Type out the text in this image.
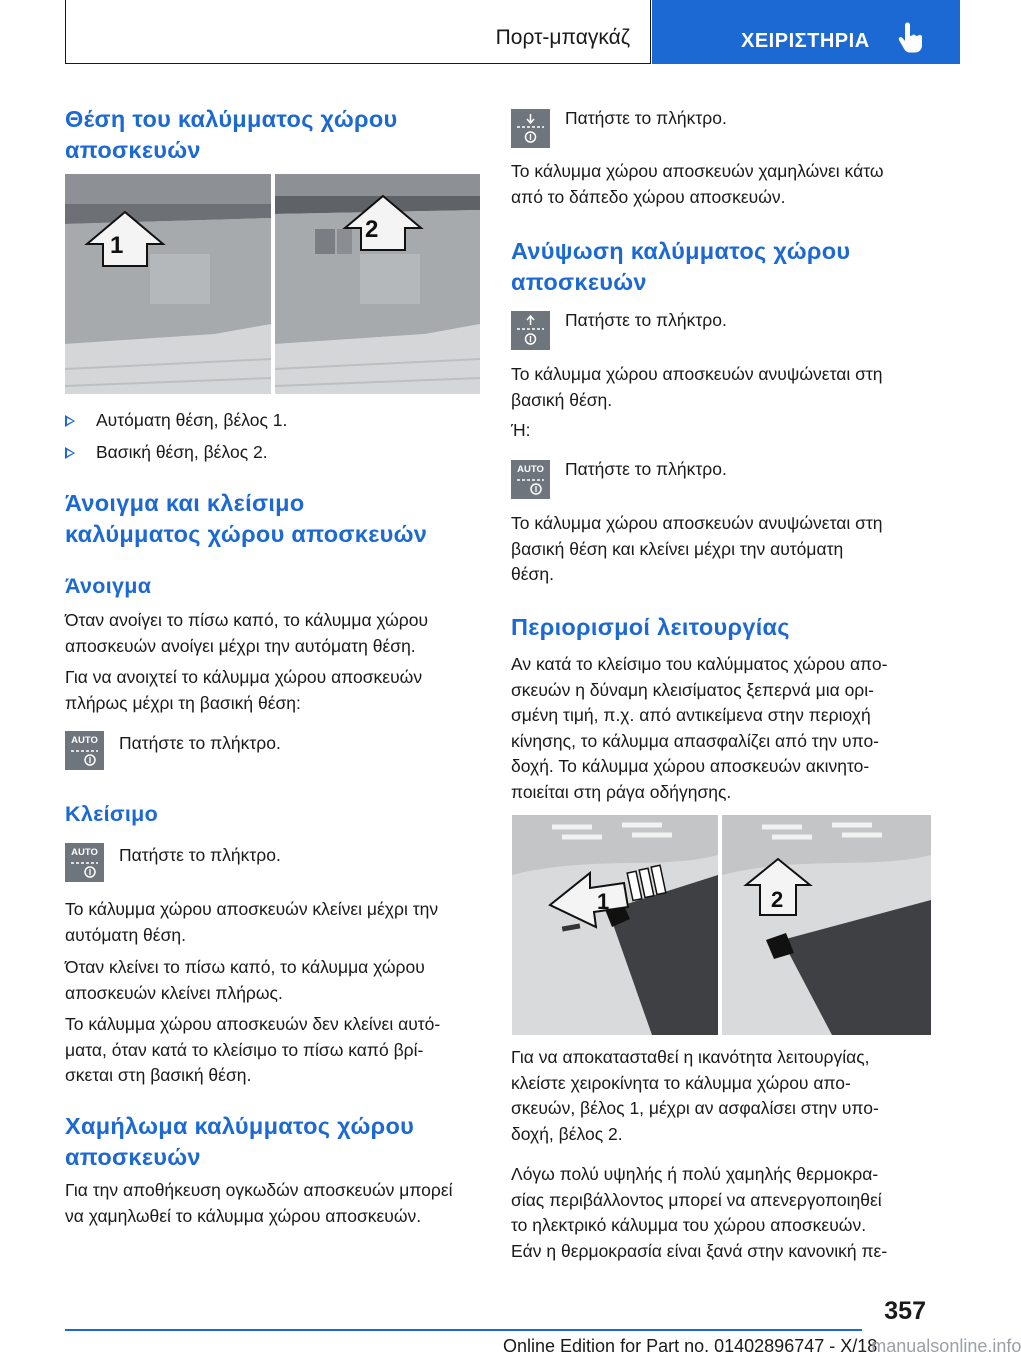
Πορτ-μπαγκάζ	ΧΕΙΡΙΣΤΗΡΙΑ
Θέση του καλύμματος χώρου
αποσκευών
1
2
Αυτόματη θέση, βέλος 1.
Βασική θέση, βέλος 2.
Άνοιγμα και κλείσιμο
καλύμματος χώρου αποσκευών
Άνοιγμα
Όταν ανοίγει το πίσω καπό, το κάλυμμα χώρου
αποσκευών ανοίγει μέχρι την αυτόματη θέση.
Για να ανοιχτεί το κάλυμμα χώρου αποσκευών
πλήρως μέχρι τη βασική θέση:
AUTO Πατήστε το πλήκτρο.
Κλείσιμο
AUTO Πατήστε το πλήκτρο.
Το κάλυμμα χώρου αποσκευών κλείνει μέχρι την
αυτόματη θέση.
Όταν κλείνει το πίσω καπό, το κάλυμμα χώρου
αποσκευών κλείνει πλήρως.
Το κάλυμμα χώρου αποσκευών δεν κλείνει αυτό-
ματα, όταν κατά το κλείσιμο το πίσω καπό βρί-
σκεται στη βασική θέση.
Χαμήλωμα καλύμματος χώρου
αποσκευών
Για την αποθήκευση ογκωδών αποσκευών μπορεί
να χαμηλωθεί το κάλυμμα χώρου αποσκευών.
Πατήστε το πλήκτρο.
Το κάλυμμα χώρου αποσκευών χαμηλώνει κάτω
από το δάπεδο χώρου αποσκευών.
Ανύψωση καλύμματος χώρου
αποσκευών
Πατήστε το πλήκτρο.
Το κάλυμμα χώρου αποσκευών ανυψώνεται στη
βασική θέση.
Ή:
AUTO Πατήστε το πλήκτρο.
Το κάλυμμα χώρου αποσκευών ανυψώνεται στη
βασική θέση και κλείνει μέχρι την αυτόματη
θέση.
Περιορισμοί λειτουργίας
Αν κατά το κλείσιμο του καλύμματος χώρου απο-
σκευών η δύναμη κλεισίματος ξεπερνά μια ορι-
σμένη τιμή, π.χ. από αντικείμενα στην περιοχή
κίνησης, το κάλυμμα απασφαλίζει από την υπο-
δοχή. Το κάλυμμα χώρου αποσκευών ακινητο-
ποιείται στη ράγα οδήγησης.
1	2
Για να αποκατασταθεί η ικανότητα λειτουργίας,
κλείστε χειροκίνητα το κάλυμμα χώρου απο-
σκευών, βέλος 1, μέχρι αν ασφαλίσει στην υπο-
δοχή, βέλος 2.
Λόγω πολύ υψηλής ή πολύ χαμηλής θερμοκρα-
σίας περιβάλλοντος μπορεί να απενεργοποιηθεί
το ηλεκτρικό κάλυμμα του χώρου αποσκευών.
Εάν η θερμοκρασία είναι ξανά στην κανονική πε-
357
Online Edition for Part no. 01402896747 - X/18manualsonline.info
